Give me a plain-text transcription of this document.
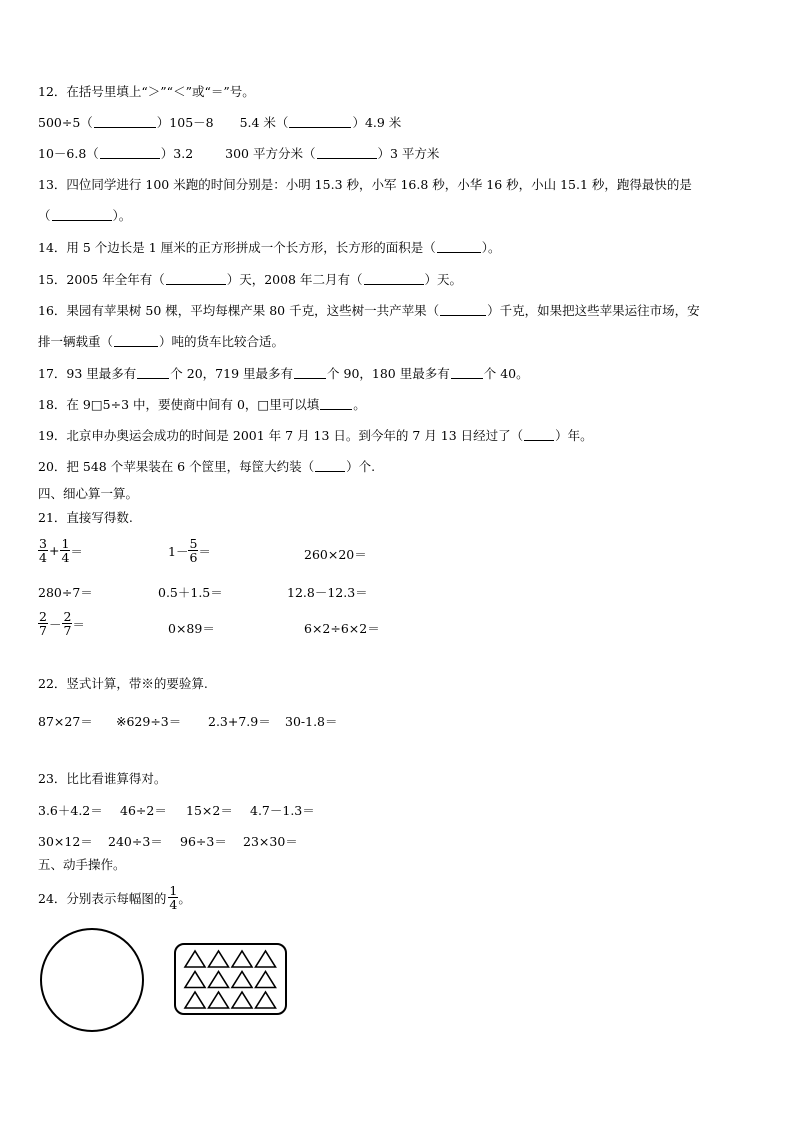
12．在括号里填上“＞”“＜”或“＝”号。
500÷5（	）105－8 5.4 米（	）4.9 米
10－6.8（	）3.2	300 平方分米（	）3 平方米
13．四位同学进行 100 米跑的时间分别是：小明 15.3 秒，小军 16.8 秒，小华 16 秒，小山 15.1 秒，跑得最快的是
（	）。
14．用 5 个边长是 1 厘米的正方形拼成一个长方形，长方形的面积是（	）。
15．2005 年全年有（	）天，2008 年二月有（	）天。
16．果园有苹果树 50 棵，平均每棵产果 80 千克，这些树一共产苹果（	）千克，如果把这些苹果运往市场，安
排一辆载重（	）吨的货车比较合适。
17．93 里最多有	个 20，719 里最多有	个 90，180 里最多有	个 40。
18．在 9□5÷3 中，要使商中间有 0，□里可以填	。
19．北京申办奥运会成功的时间是 2001 年 7 月 13 日。到今年的 7 月 13 日经过了（	）年。
20．把 548 个苹果装在 6 个筐里，每筐大约装（	）个.
四、细心算一算。
21．直接写得数.
$\frac{3}{4} + \frac{1}{4}$ ＝	$1- \frac{5}{6}$ ＝	260×20＝
280÷7＝	0.5＋1.5＝	12.8－12.3＝
$\frac{2}{7} - \frac{2}{7}$ ＝	0×89＝	6×2÷6×2＝
22．竖式计算，带※的要验算.
87×27＝ ※629÷3＝ 2.3+7.9＝ 30-1.8＝
23．比比看谁算得对。
3.6＋4.2＝ 46÷2＝ 15×2＝ 4.7－1.3＝
30×12＝ 240÷3＝ 96÷3＝ 23×30＝
五、动手操作。
24．分别表示每幅图的 $\frac{1}{4}$ 。
